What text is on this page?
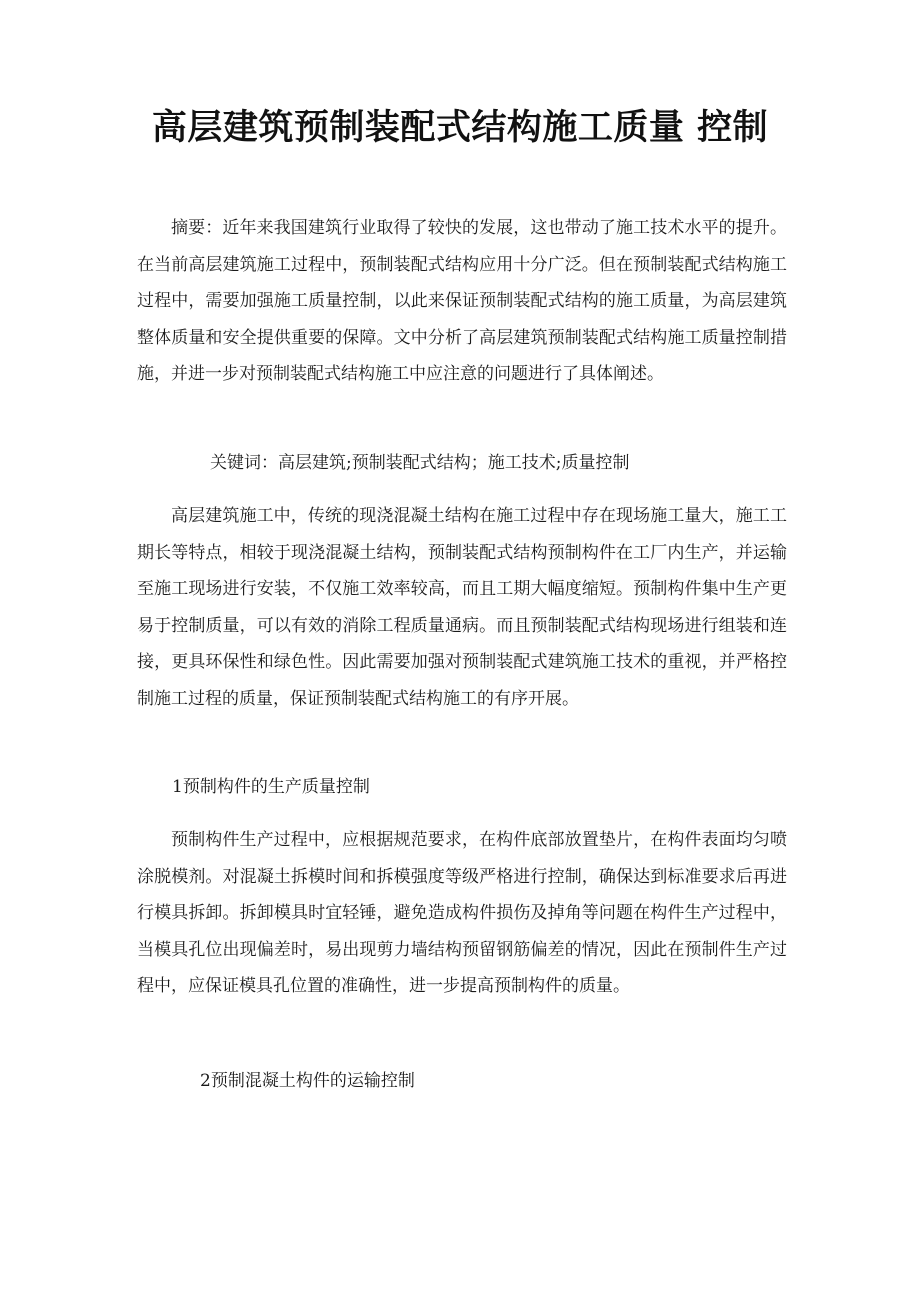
高层建筑预制装配式结构施工质量 控制

摘要：近年来我国建筑行业取得了较快的发展，这也带动了施工技术水平的提升。在当前高层建筑施工过程中，预制装配式结构应用十分广泛。但在预制装配式结构施工过程中，需要加强施工质量控制，以此来保证预制装配式结构的施工质量，为高层建筑整体质量和安全提供重要的保障。文中分析了高层建筑预制装配式结构施工质量控制措施，并进一步对预制装配式结构施工中应注意的问题进行了具体阐述。

关键词：高层建筑;预制装配式结构；施工技术;质量控制

高层建筑施工中，传统的现浇混凝土结构在施工过程中存在现场施工量大，施工工期长等特点，相较于现浇混凝土结构，预制装配式结构预制构件在工厂内生产，并运输至施工现场进行安装，不仅施工效率较高，而且工期大幅度缩短。预制构件集中生产更易于控制质量，可以有效的消除工程质量通病。而且预制装配式结构现场进行组装和连接，更具环保性和绿色性。因此需要加强对预制装配式建筑施工技术的重视，并严格控制施工过程的质量，保证预制装配式结构施工的有序开展。

1预制构件的生产质量控制

预制构件生产过程中，应根据规范要求，在构件底部放置垫片，在构件表面均匀喷涂脱模剂。对混凝土拆模时间和拆模强度等级严格进行控制，确保达到标准要求后再进行模具拆卸。拆卸模具时宜轻锤，避免造成构件损伤及掉角等问题在构件生产过程中，当模具孔位出现偏差时，易出现剪力墙结构预留钢筋偏差的情况，因此在预制件生产过程中，应保证模具孔位置的准确性，进一步提高预制构件的质量。

2预制混凝土构件的运输控制
